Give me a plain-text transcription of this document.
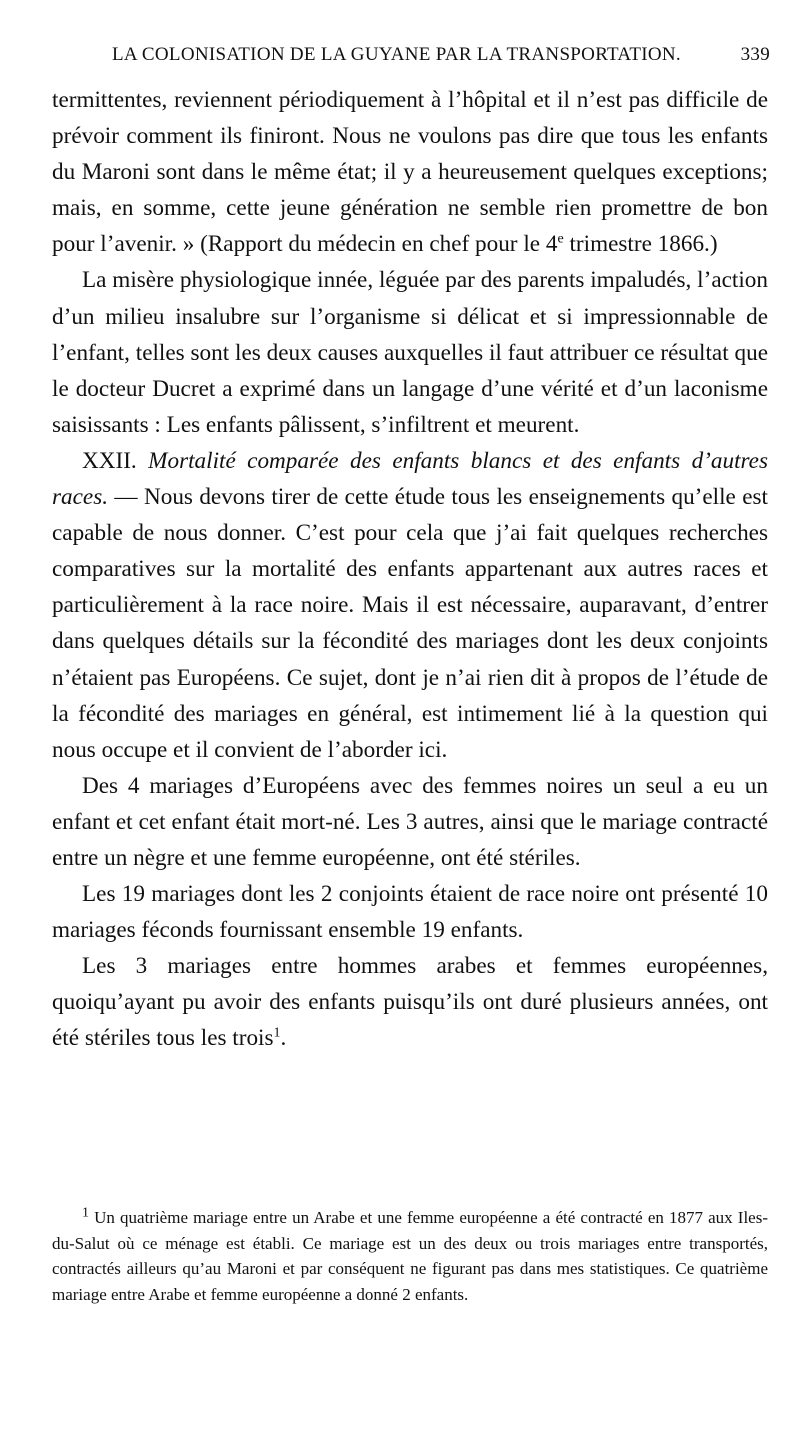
LA COLONISATION DE LA GUYANE PAR LA TRANSPORTATION.	339

termittentes, reviennent périodiquement à l’hôpital et il n’est pas difficile de prévoir comment ils finiront. Nous ne voulons pas dire que tous les enfants du Maroni sont dans le même état; il y a heureusement quelques exceptions; mais, en somme, cette jeune génération ne semble rien promettre de bon pour l’avenir. » (Rapport du médecin en chef pour le 4e trimestre 1866.)

La misère physiologique innée, léguée par des parents impaludés, l’action d’un milieu insalubre sur l’organisme si délicat et si impressionnable de l’enfant, telles sont les deux causes auxquelles il faut attribuer ce résultat que le docteur Ducret a exprimé dans un langage d’une vérité et d’un laconisme saisissants : Les enfants pâlissent, s’infiltrent et meurent.

XXII. Mortalité comparée des enfants blancs et des enfants d’autres races. — Nous devons tirer de cette étude tous les enseignements qu’elle est capable de nous donner. C’est pour cela que j’ai fait quelques recherches comparatives sur la mortalité des enfants appartenant aux autres races et particulièrement à la race noire. Mais il est nécessaire, auparavant, d’entrer dans quelques détails sur la fécondité des mariages dont les deux conjoints n’étaient pas Européens. Ce sujet, dont je n’ai rien dit à propos de l’étude de la fécondité des mariages en général, est intimement lié à la question qui nous occupe et il convient de l’aborder ici.

Des 4 mariages d’Européens avec des femmes noires un seul a eu un enfant et cet enfant était mort-né. Les 3 autres, ainsi que le mariage contracté entre un nègre et une femme européenne, ont été stériles.

Les 19 mariages dont les 2 conjoints étaient de race noire ont présenté 10 mariages féconds fournissant ensemble 19 enfants.

Les 3 mariages entre hommes arabes et femmes européennes, quoiqu’ayant pu avoir des enfants puisqu’ils ont duré plusieurs années, ont été stériles tous les trois$^1$.

$^1$ Un quatrième mariage entre un Arabe et une femme européenne a été contracté en 1877 aux Iles-du-Salut où ce ménage est établi. Ce mariage est un des deux ou trois mariages entre transportés, contractés ailleurs qu’au Maroni et par conséquent ne figurant pas dans mes statistiques. Ce quatrième mariage entre Arabe et femme européenne a donné 2 enfants.
